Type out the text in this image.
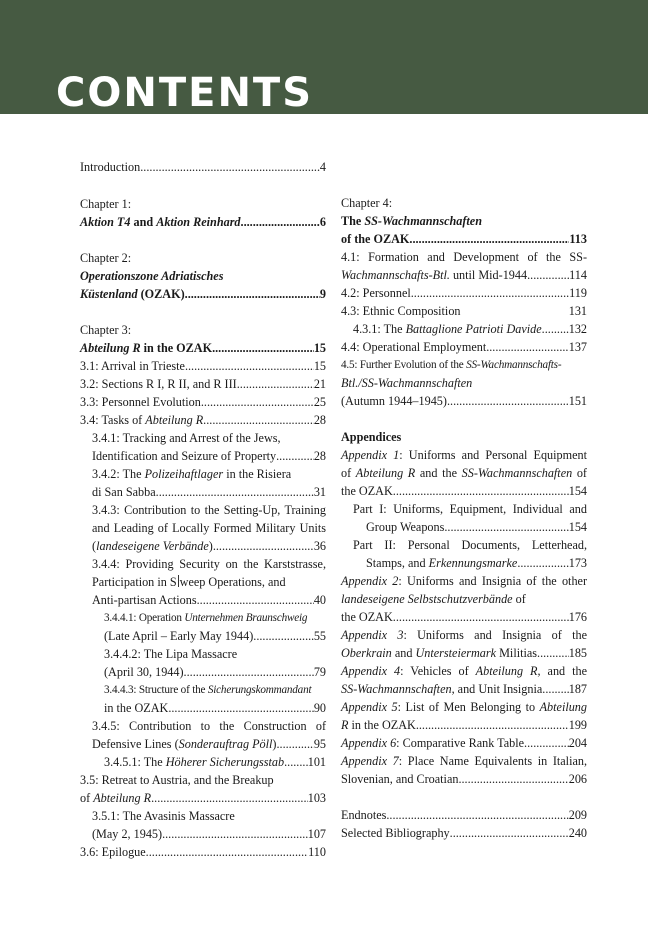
CONTENTS
Introduction .....	4
Chapter 1:
Aktion T4 and Aktion Reinhard .....	6
Chapter 2:
Operationszone Adriatisches
Küstenland (OZAK) .....	9
Chapter 3:
Abteilung R in the OZAK .....	15
3.1: Arrival in Trieste .....	15
3.2: Sections R I, R II, and R III .....	21
3.3: Personnel Evolution .....	25
3.4: Tasks of Abteilung R .....	28
3.4.1: Tracking and Arrest of the Jews,
Identification and Seizure of Property .....	28
3.4.2: The Polizeihaftlager in the Risiera
di San Sabba .....	31
3.4.3: Contribution to the Setting-Up, Training
and Leading of Locally Formed Military Units
(landeseigene Verbände) .....	36
3.4.4: Providing Security on the Karststrasse,
Participation in S weep Operations, and
Anti-partisan Actions .....	40
3.4.4.1: Operation Unternehmen Braunschweig
(Late April – Early May 1944) .....	55
3.4.4.2: The Lipa Massacre
(April 30, 1944) .....	79
3.4.4.3: Structure of the Sicherungskommandant
in the OZAK .....	90
3.4.5: Contribution to the Construction of
Defensive Lines (Sonderauftrag Pöll) .....	95
3.4.5.1: The Höherer Sicherungsstab ..... 101
3.5: Retreat to Austria, and the Breakup
of Abteilung R .....	103
3.5.1: The Avasinis Massacre
(May 2, 1945) .....	107
3.6: Epilogue .....	110
Chapter 4:
The SS-Wachmannschaften
of the OZAK .....	113
4.1: Formation and Development of the SS-
Wachmannschafts-Btl. until Mid-1944 .....	114
4.2: Personnel .....	119
4.3: Ethnic Composition	131
4.3.1: The Battaglione Patrioti Davide ..... 132
4.4: Operational Employment .....	137
4.5: Further Evolution of the SS-Wachmannschafts-
Btl./SS-Wachmannschaften
(Autumn 1944–1945) .....	151
Appendices
Appendix 1: Uniforms and Personal Equipment
of Abteilung R and the SS-Wachmannschaften of
the OZAK .....	154
Part I: Uniforms, Equipment, Individual and
Group Weapons .....	154
Part II: Personal Documents, Letterhead,
Stamps, and Erkennungsmarke .....	173
Appendix 2: Uniforms and Insignia of the other
landeseigene Selbstschutzverbände of
the OZAK .....	176
Appendix 3: Uniforms and Insignia of the
Oberkrain and Untersteiermark Militias .....	185
Appendix 4: Vehicles of Abteilung R, and the
SS-Wachmannschaften, and Unit Insignia ..... 187
Appendix 5: List of Men Belonging to Abteilung
R in the OZAK .....	199
Appendix 6: Comparative Rank Table .....	204
Appendix 7: Place Name Equivalents in Italian,
Slovenian, and Croatian .....	206
Endnotes .....	209
Selected Bibliography .....	240
